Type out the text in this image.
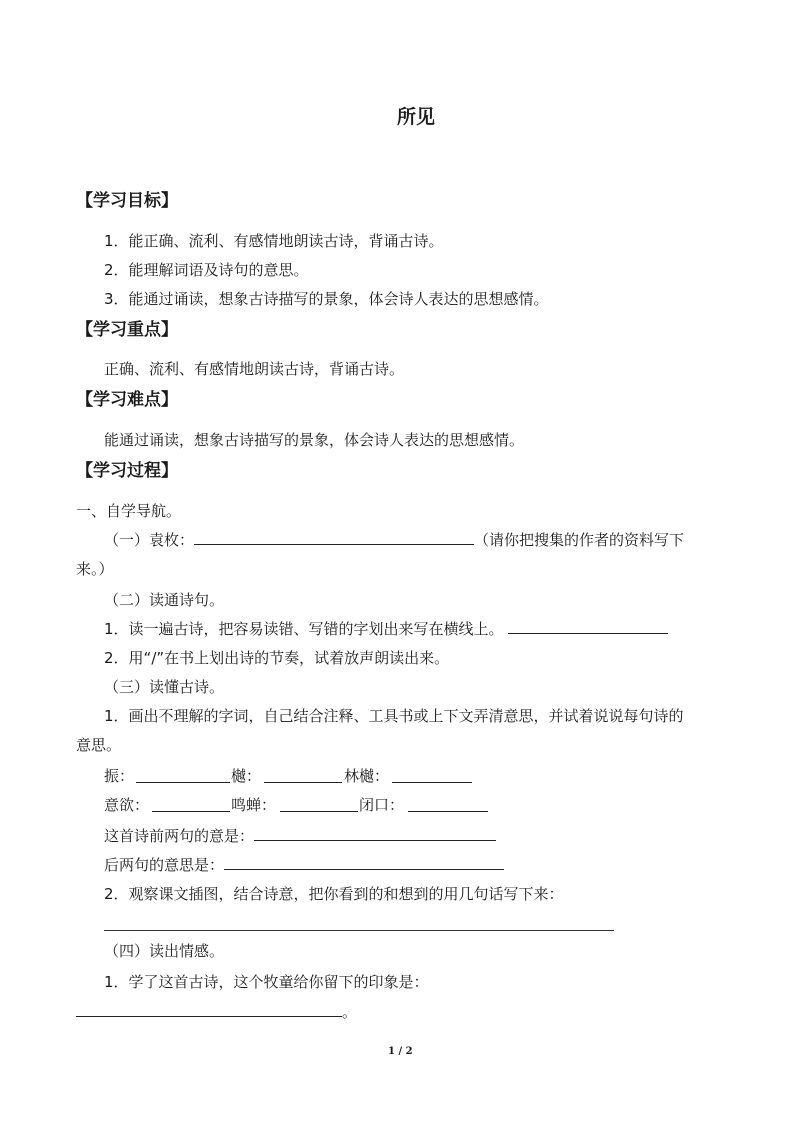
所见
【学习目标】
1．能正确、流利、有感情地朗读古诗，背诵古诗。
2．能理解词语及诗句的意思。
3．能通过诵读，想象古诗描写的景象，体会诗人表达的思想感情。
【学习重点】
正确、流利、有感情地朗读古诗，背诵古诗。
【学习难点】
能通过诵读，想象古诗描写的景象，体会诗人表达的思想感情。
【学习过程】
一、自学导航。
（一）袁枚：	（请你把搜集的作者的资料写下
来。）
（二）读通诗句。
1．读一遍古诗，把容易读错、写错的字划出来写在横线上。
2．用“/”在书上划出诗的节奏，试着放声朗读出来。
（三）读懂古诗。
1．画出不理解的字词，自己结合注释、工具书或上下文弄清意思，并试着说说每句诗的
意思。
振：	樾：	林樾：
意欲：	鸣蝉：	闭口：
这首诗前两句的意是：
后两句的意思是：
2．观察课文插图，结合诗意，把你看到的和想到的用几句话写下来：
（四）读出情感。
1．学了这首古诗，这个牧童给你留下的印象是：
。
1 / 2
